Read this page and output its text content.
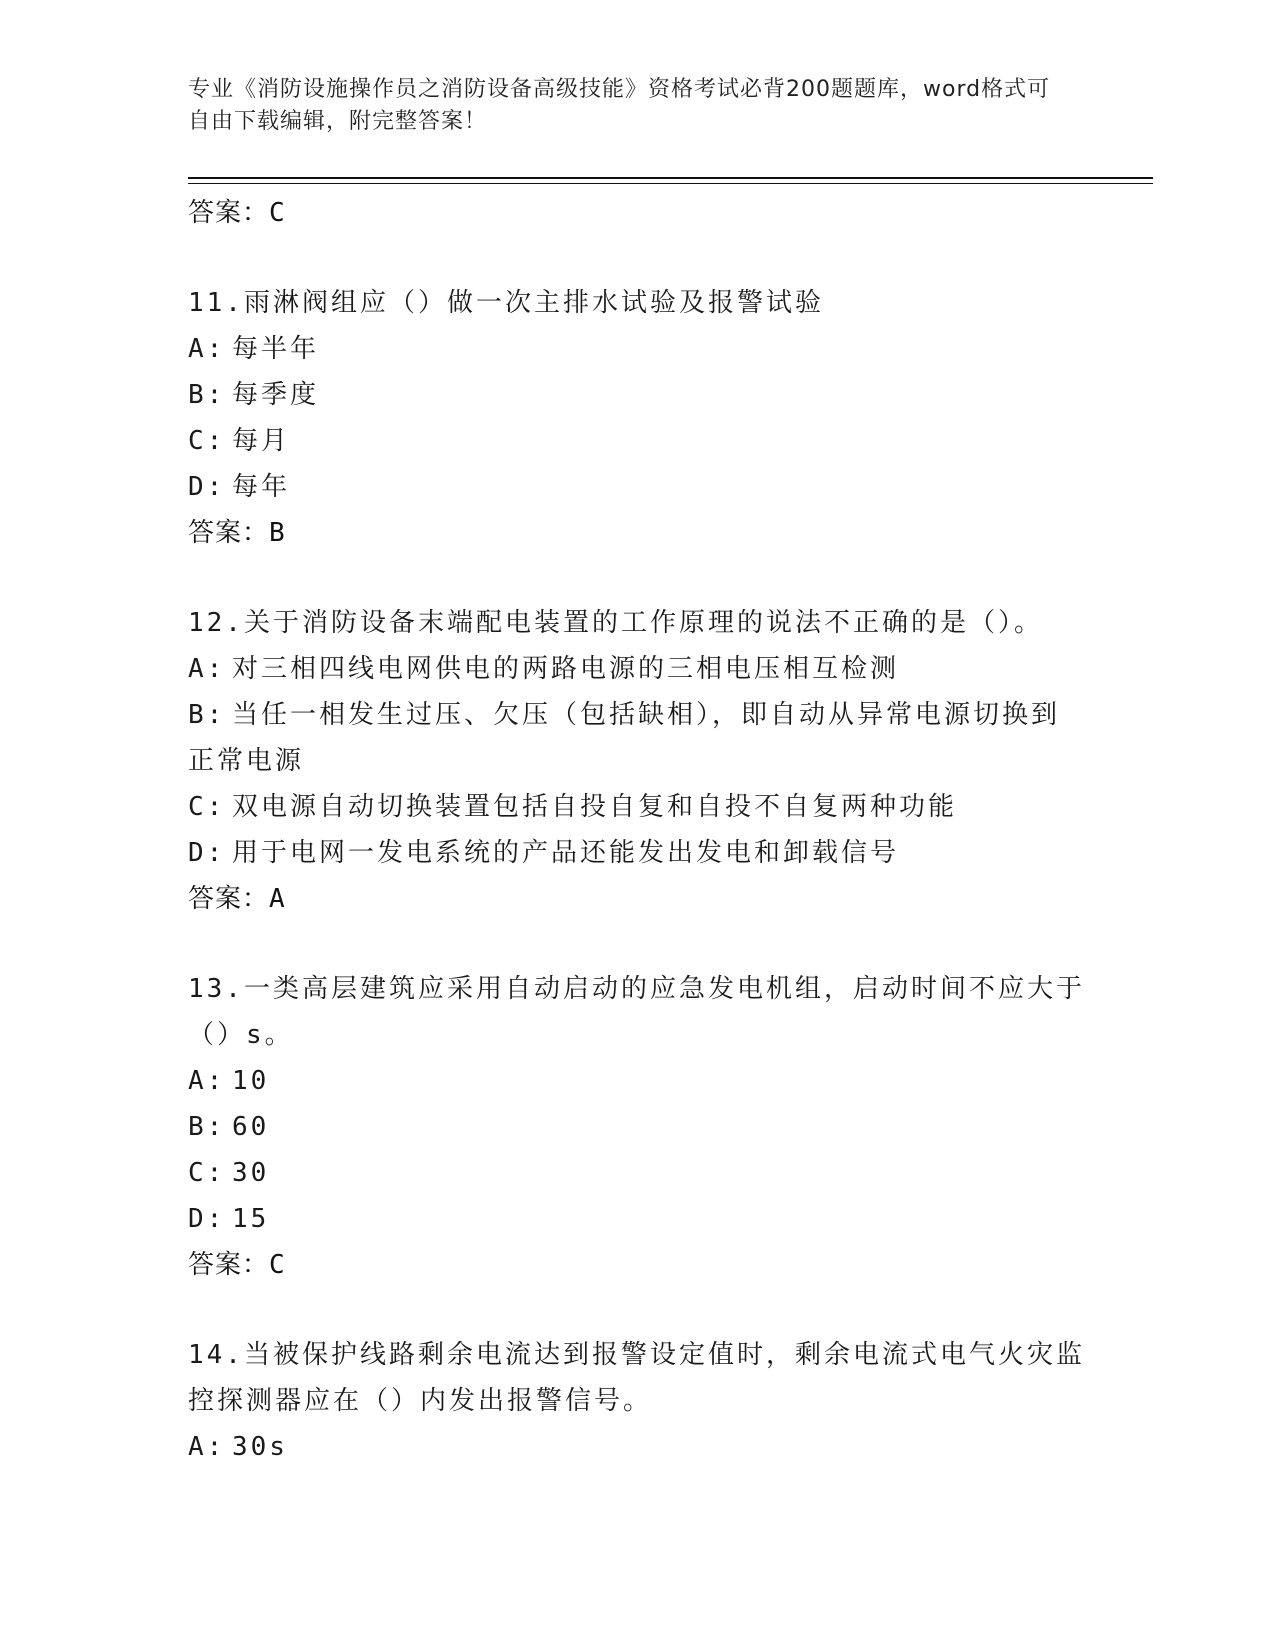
专业《消防设施操作员之消防设备高级技能》资格考试必背200题题库，word格式可自由下载编辑，附完整答案！
答案：C
11.雨淋阀组应（）做一次主排水试验及报警试验
A: 每半年
B: 每季度
C: 每月
D: 每年
答案：B
12.关于消防设备末端配电装置的工作原理的说法不正确的是（）。
A: 对三相四线电网供电的两路电源的三相电压相互检测
B: 当任一相发生过压、欠压（包括缺相），即自动从异常电源切换到正常电源
C: 双电源自动切换装置包括自投自复和自投不自复两种功能
D: 用于电网一发电系统的产品还能发出发电和卸载信号
答案：A
13.一类高层建筑应采用自动启动的应急发电机组，启动时间不应大于（）s。
A: 10
B: 60
C: 30
D: 15
答案：C
14.当被保护线路剩余电流达到报警设定值时，剩余电流式电气火灾监控探测器应在（）内发出报警信号。
A: 30s
